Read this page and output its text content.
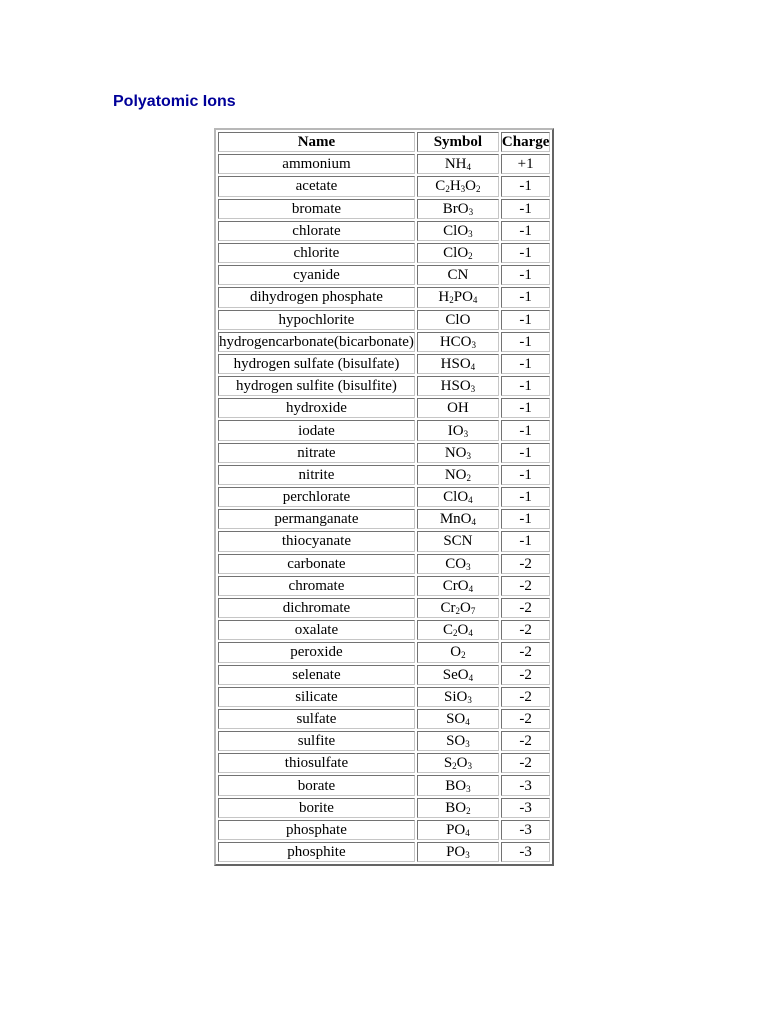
Polyatomic Ions
Name	Symbol	Charge
ammonium	$NH_4$	+1
acetate	$C_2H_3O_2$	-1
bromate	BrO$_3$	-1
chlorate	ClO$_3$	-1
chlorite	ClO$_2$	-1
cyanide	CN	-1
dihydrogen phosphate	$H_2PO_4$	-1
hypochlorite	ClO	-1
hydrogencarbonate(bicarbonate)	$HCO_3$	-1
hydrogen sulfate (bisulfate)	$HSO_4$	-1
hydrogen sulfite (bisulfite)	$HSO_3$	-1
hydroxide	OH	-1
iodate	$IO_3$	-1
nitrate	$NO_3$	-1
nitrite	$NO_2$	-1
perchlorate	ClO$_4$	-1
permanganate	MnO$_4$	-1
thiocyanate	SCN	-1
carbonate	$CO_3$	-2
chromate	CrO$_4$	-2
dichromate	$Cr_2O_7$	-2
oxalate	$C_2O_4$	-2
peroxide	$O_2$	-2
selenate	SeO$_4$	-2
silicate	SiO$_3$	-2
sulfate	$SO_4$	-2
sulfite	$SO_3$	-2
thiosulfate	$S_2O_3$	-2
borate	$BO_3$	-3
borite	$BO_2$	-3
phosphate	$PO_4$	-3
phosphite	$PO_3$	-3
